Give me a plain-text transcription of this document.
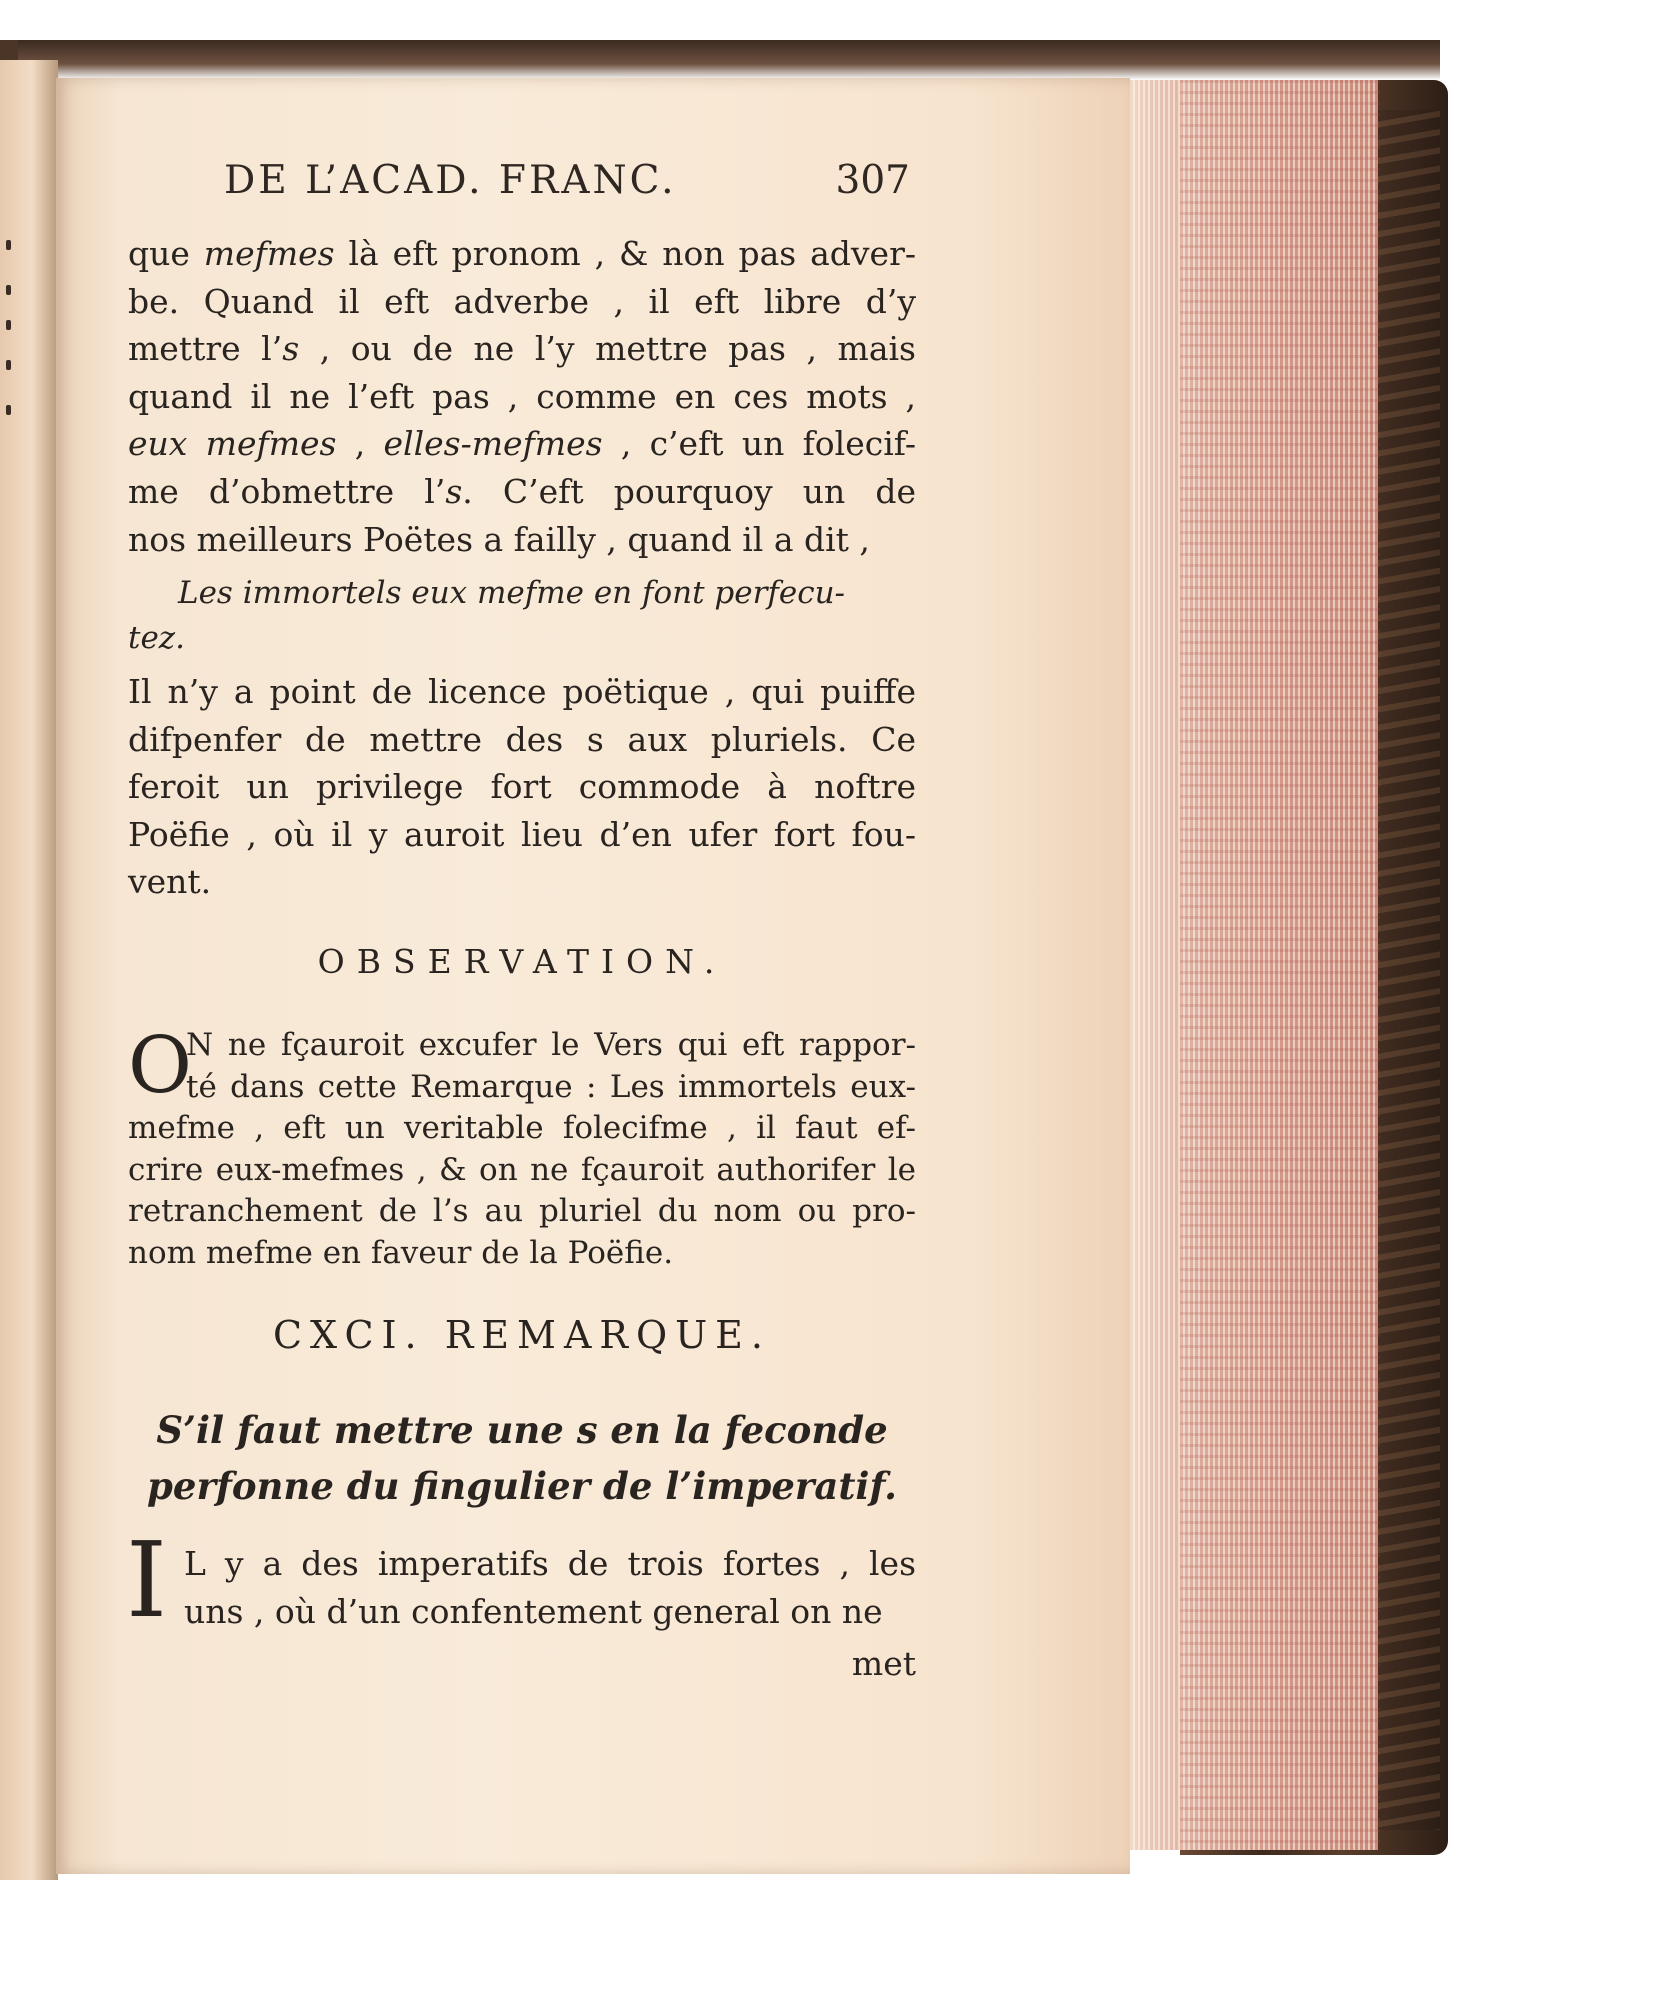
DE L’ACAD. FRANC.	307
que mefmes là eft pronom , & non pas adver-
be. Quand il eft adverbe , il eft libre d’y
mettre l’s , ou de ne l’y mettre pas , mais
quand il ne l’eft pas , comme en ces mots ,
eux mefmes , elles-mefmes , c’eft un folecif-
me d’obmettre l’s. C’eft pourquoy un de
nos meilleurs Poëtes a failly , quand il a dit ,
Les immortels eux mefme en font perfecu-
tez.
Il n’y a point de licence poëtique , qui puiffe
difpenfer de mettre des s aux pluriels. Ce
feroit un privilege fort commode à noftre
Poëfie , où il y auroit lieu d’en ufer fort fou-
vent.
OBSERVATION.
O
N ne fçauroit excufer le Vers qui eft rappor-
té dans cette Remarque : Les immortels eux-
mefme , eft un veritable folecifme , il faut ef-
crire eux-mefmes , & on ne fçauroit authorifer le
retranchement de l’s au pluriel du nom ou pro-
nom mefme en faveur de la Poëfie.
CXCI. REMARQUE.
S’il faut mettre une s en la feconde
perfonne du fingulier de l’imperatif.
I L y a des imperatifs de trois fortes , les
uns , où d’un confentement general on ne
met
